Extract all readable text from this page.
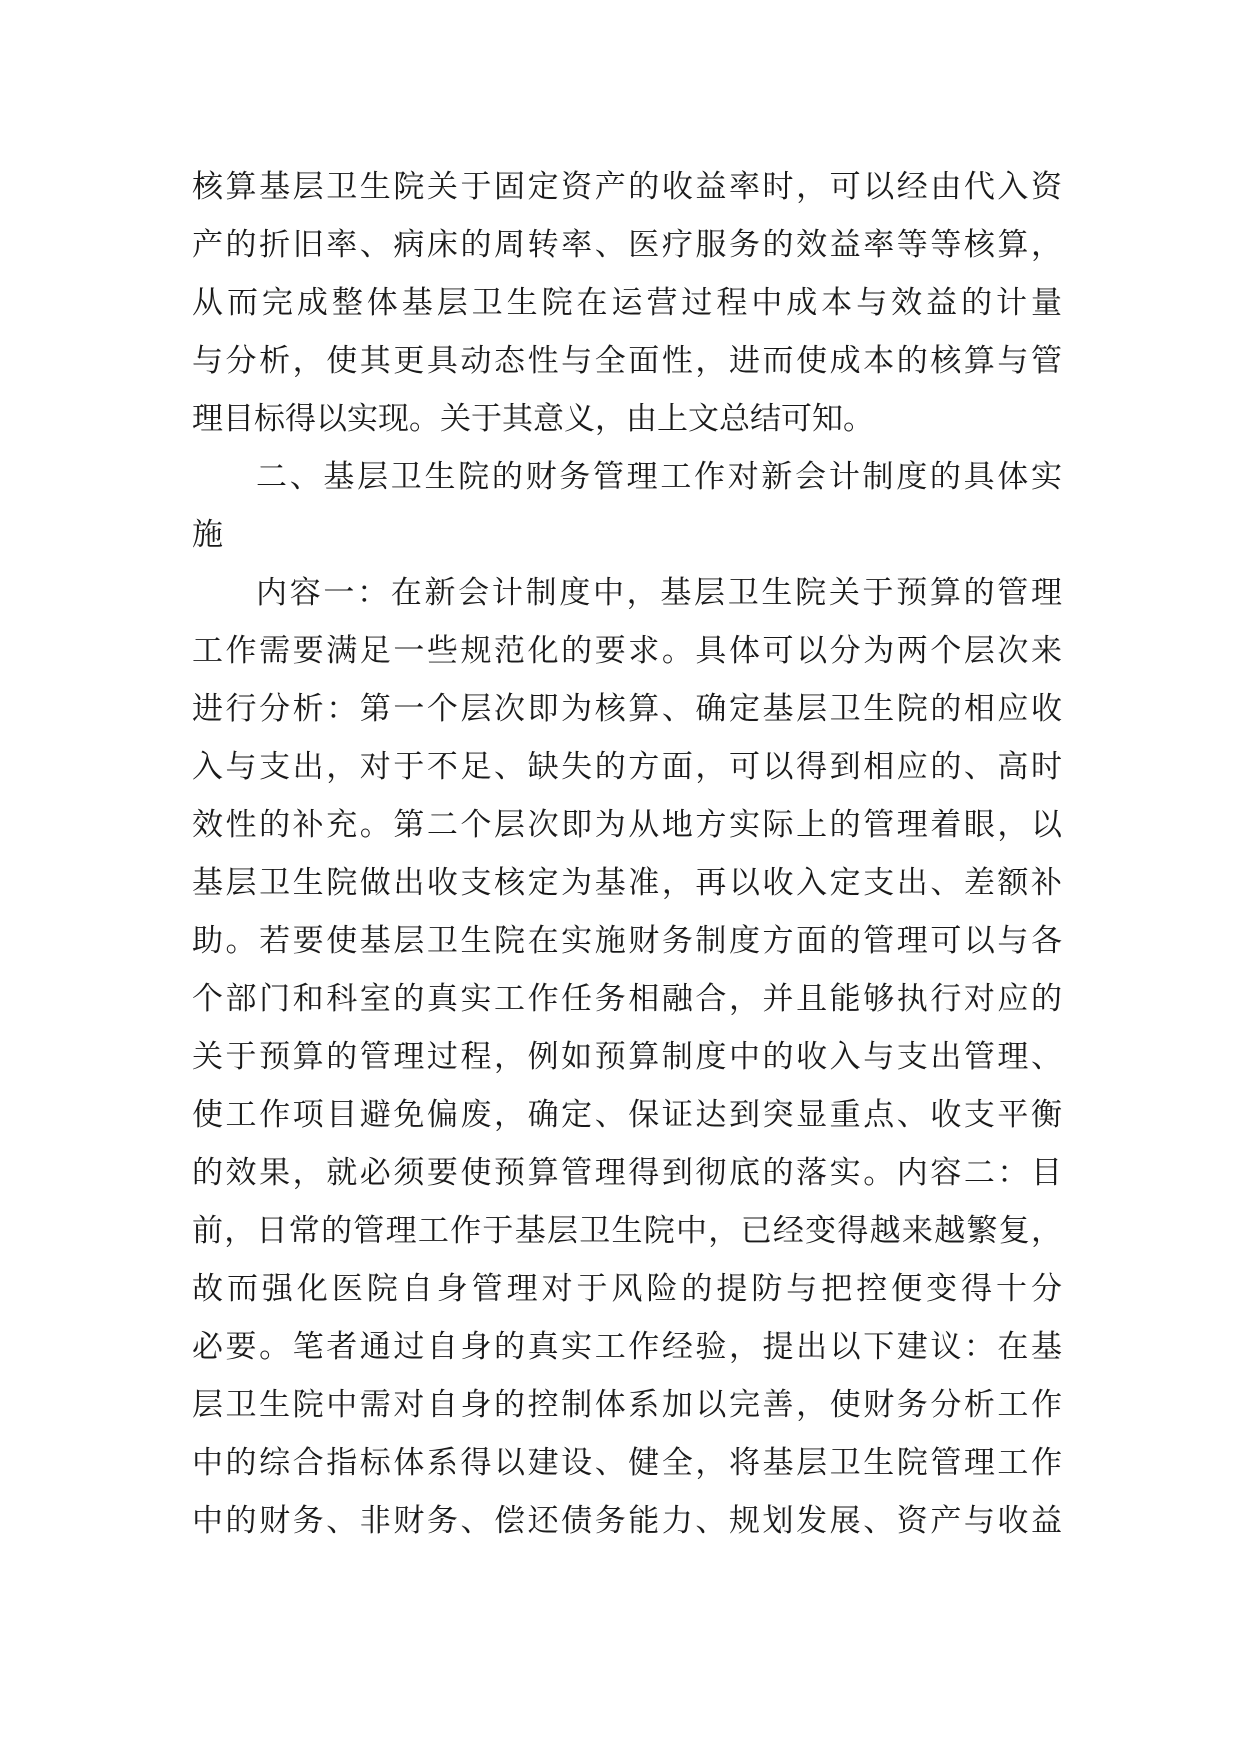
核算基层卫生院关于固定资产的收益率时，可以经由代入资
产的折旧率、病床的周转率、医疗服务的效益率等等核算，
从而完成整体基层卫生院在运营过程中成本与效益的计量
与分析，使其更具动态性与全面性，进而使成本的核算与管
理目标得以实现。关于其意义，由上文总结可知。
二、基层卫生院的财务管理工作对新会计制度的具体实
施
内容一：在新会计制度中，基层卫生院关于预算的管理
工作需要满足一些规范化的要求。具体可以分为两个层次来
进行分析：第一个层次即为核算、确定基层卫生院的相应收
入与支出，对于不足、缺失的方面，可以得到相应的、高时
效性的补充。第二个层次即为从地方实际上的管理着眼，以
基层卫生院做出收支核定为基准，再以收入定支出、差额补
助。若要使基层卫生院在实施财务制度方面的管理可以与各
个部门和科室的真实工作任务相融合，并且能够执行对应的
关于预算的管理过程，例如预算制度中的收入与支出管理、
使工作项目避免偏废，确定、保证达到突显重点、收支平衡
的效果，就必须要使预算管理得到彻底的落实。内容二：目
前，日常的管理工作于基层卫生院中，已经变得越来越繁复，
故而强化医院自身管理对于风险的提防与把控便变得十分
必要。笔者通过自身的真实工作经验，提出以下建议：在基
层卫生院中需对自身的控制体系加以完善，使财务分析工作
中的综合指标体系得以建设、健全，将基层卫生院管理工作
中的财务、非财务、偿还债务能力、规划发展、资产与收益
